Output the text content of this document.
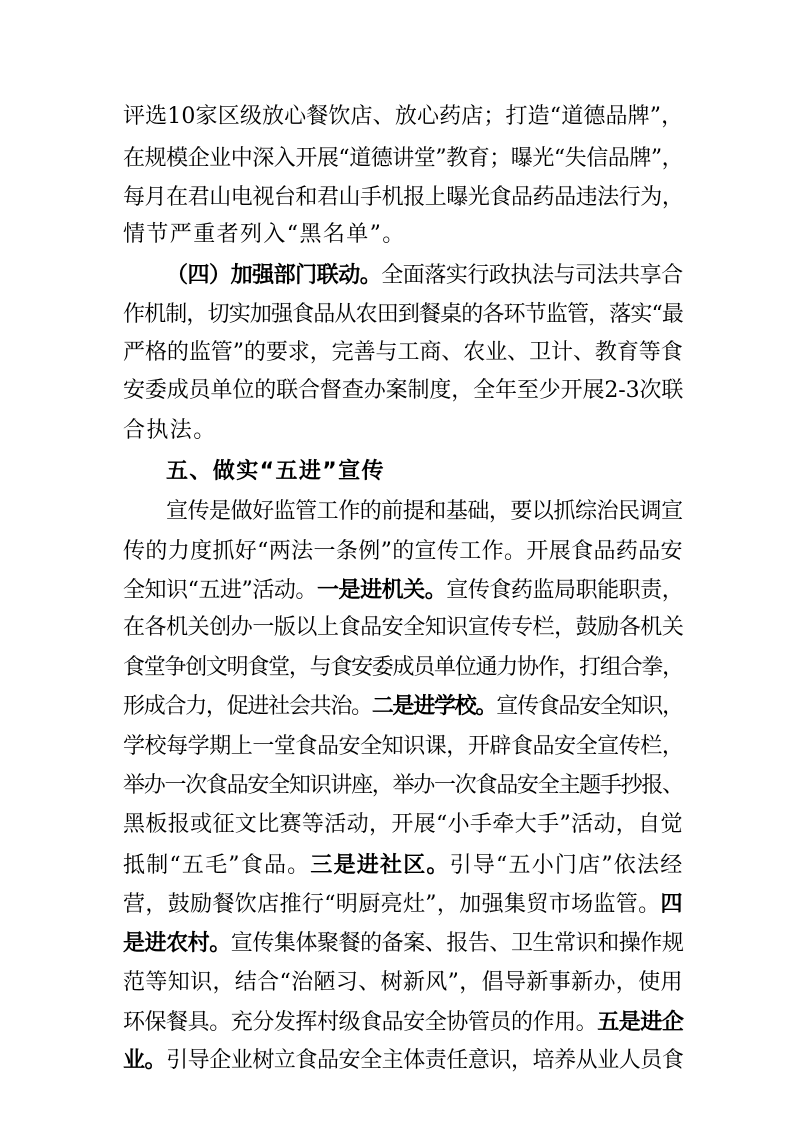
评选10家区级放心餐饮店、放心药店；打造“道德品牌”，
在规模企业中深入开展“道德讲堂”教育；曝光“失信品牌”，
每月在君山电视台和君山手机报上曝光食品药品违法行为，
情节严重者列入“黑名单”。
（四）加强部门联动。全面落实行政执法与司法共享合
作机制，切实加强食品从农田到餐桌的各环节监管，落实“最
严格的监管”的要求，完善与工商、农业、卫计、教育等食
安委成员单位的联合督查办案制度，全年至少开展2-3次联
合执法。
五、做实“五进”宣传
宣传是做好监管工作的前提和基础，要以抓综治民调宣
传的力度抓好“两法一条例”的宣传工作。开展食品药品安
全知识“五进”活动。一是进机关。宣传食药监局职能职责，
在各机关创办一版以上食品安全知识宣传专栏，鼓励各机关
食堂争创文明食堂，与食安委成员单位通力协作，打组合拳，
形成合力，促进社会共治。二是进学校。宣传食品安全知识，
学校每学期上一堂食品安全知识课，开辟食品安全宣传栏，
举办一次食品安全知识讲座，举办一次食品安全主题手抄报、
黑板报或征文比赛等活动，开展“小手牵大手”活动，自觉
抵制“五毛”食品。三是进社区。引导“五小门店”依法经
营，鼓励餐饮店推行“明厨亮灶”，加强集贸市场监管。四
是进农村。宣传集体聚餐的备案、报告、卫生常识和操作规
范等知识，结合“治陋习、树新风”，倡导新事新办，使用
环保餐具。充分发挥村级食品安全协管员的作用。五是进企
业。引导企业树立食品安全主体责任意识，培养从业人员食
